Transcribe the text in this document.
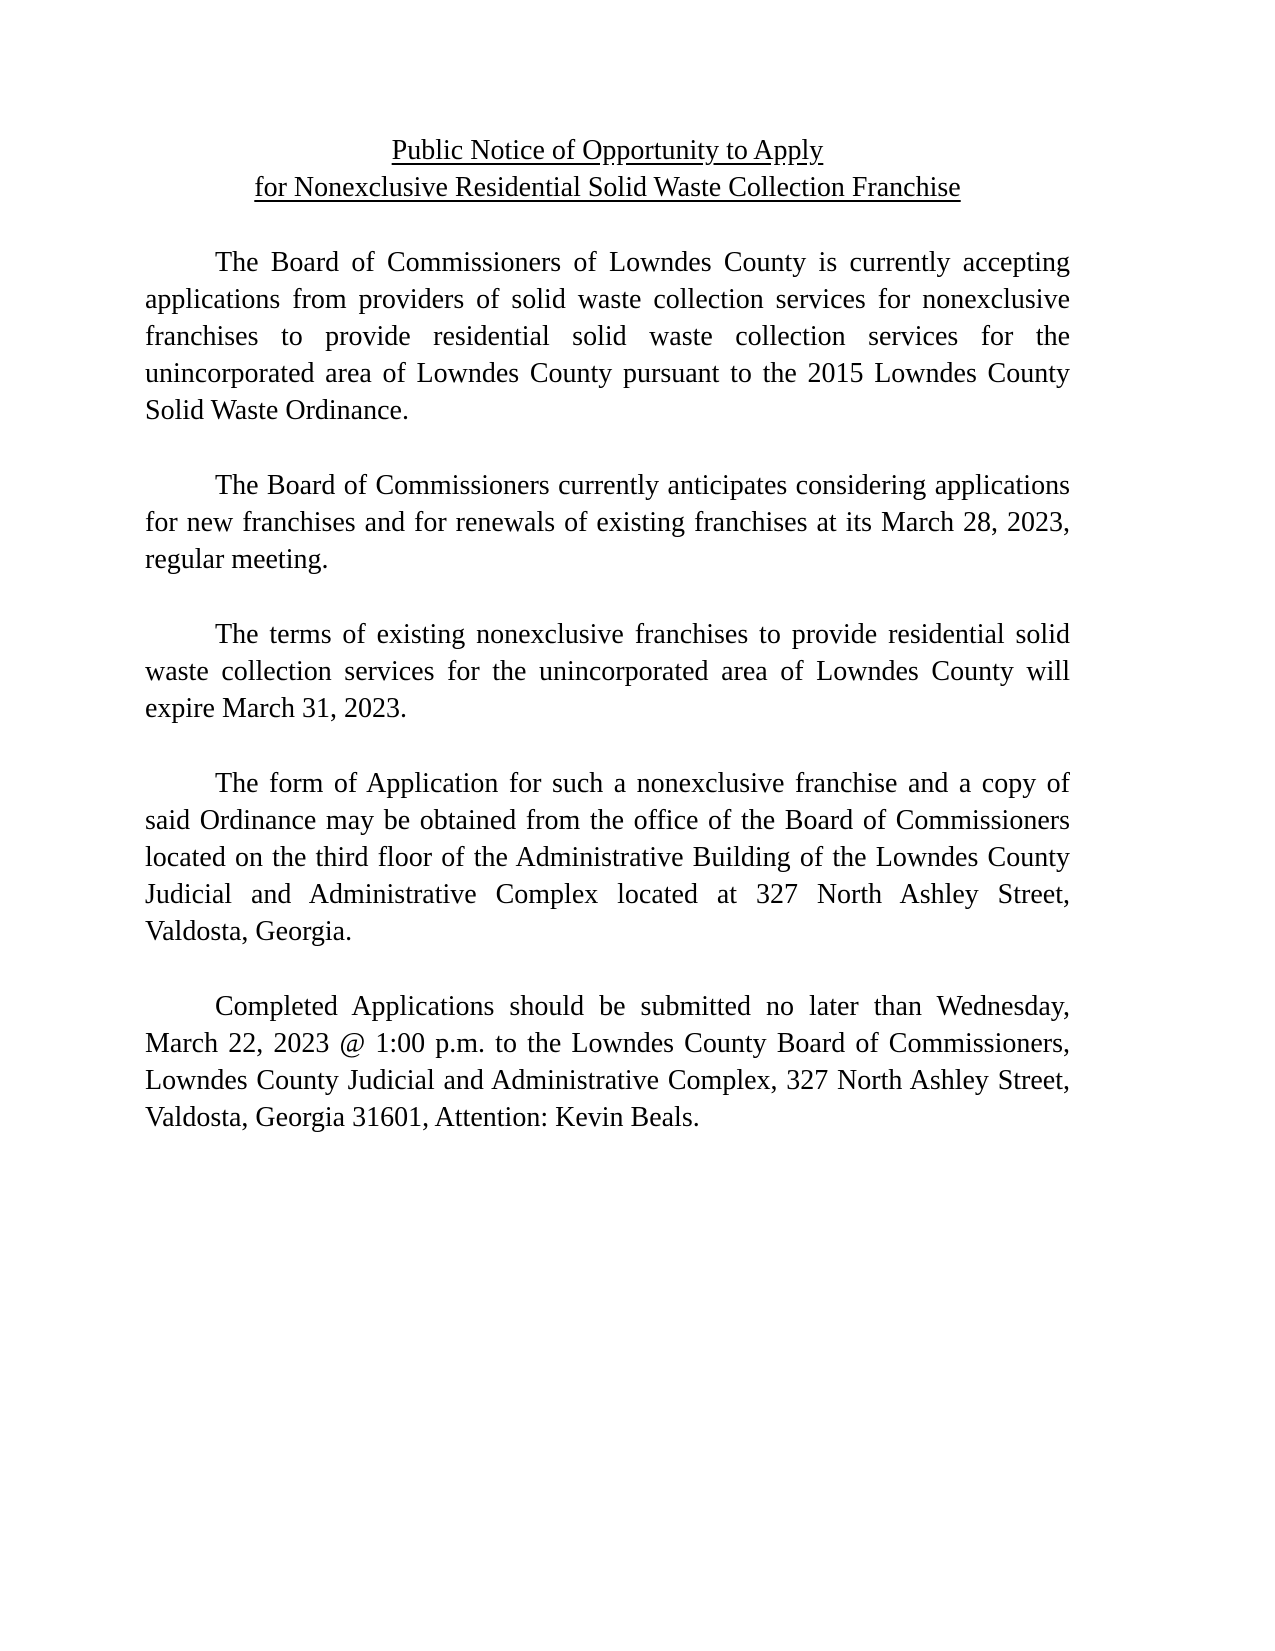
Public Notice of Opportunity to Apply
for Nonexclusive Residential Solid Waste Collection Franchise

The Board of Commissioners of Lowndes County is currently accepting applications from providers of solid waste collection services for nonexclusive franchises to provide residential solid waste collection services for the unincorporated area of Lowndes County pursuant to the 2015 Lowndes County Solid Waste Ordinance.

The Board of Commissioners currently anticipates considering applications for new franchises and for renewals of existing franchises at its March 28, 2023, regular meeting.

The terms of existing nonexclusive franchises to provide residential solid waste collection services for the unincorporated area of Lowndes County will expire March 31, 2023.

The form of Application for such a nonexclusive franchise and a copy of said Ordinance may be obtained from the office of the Board of Commissioners located on the third floor of the Administrative Building of the Lowndes County Judicial and Administrative Complex located at 327 North Ashley Street, Valdosta, Georgia.

Completed Applications should be submitted no later than Wednesday, March 22, 2023 @ 1:00 p.m. to the Lowndes County Board of Commissioners, Lowndes County Judicial and Administrative Complex, 327 North Ashley Street, Valdosta, Georgia 31601, Attention: Kevin Beals.
